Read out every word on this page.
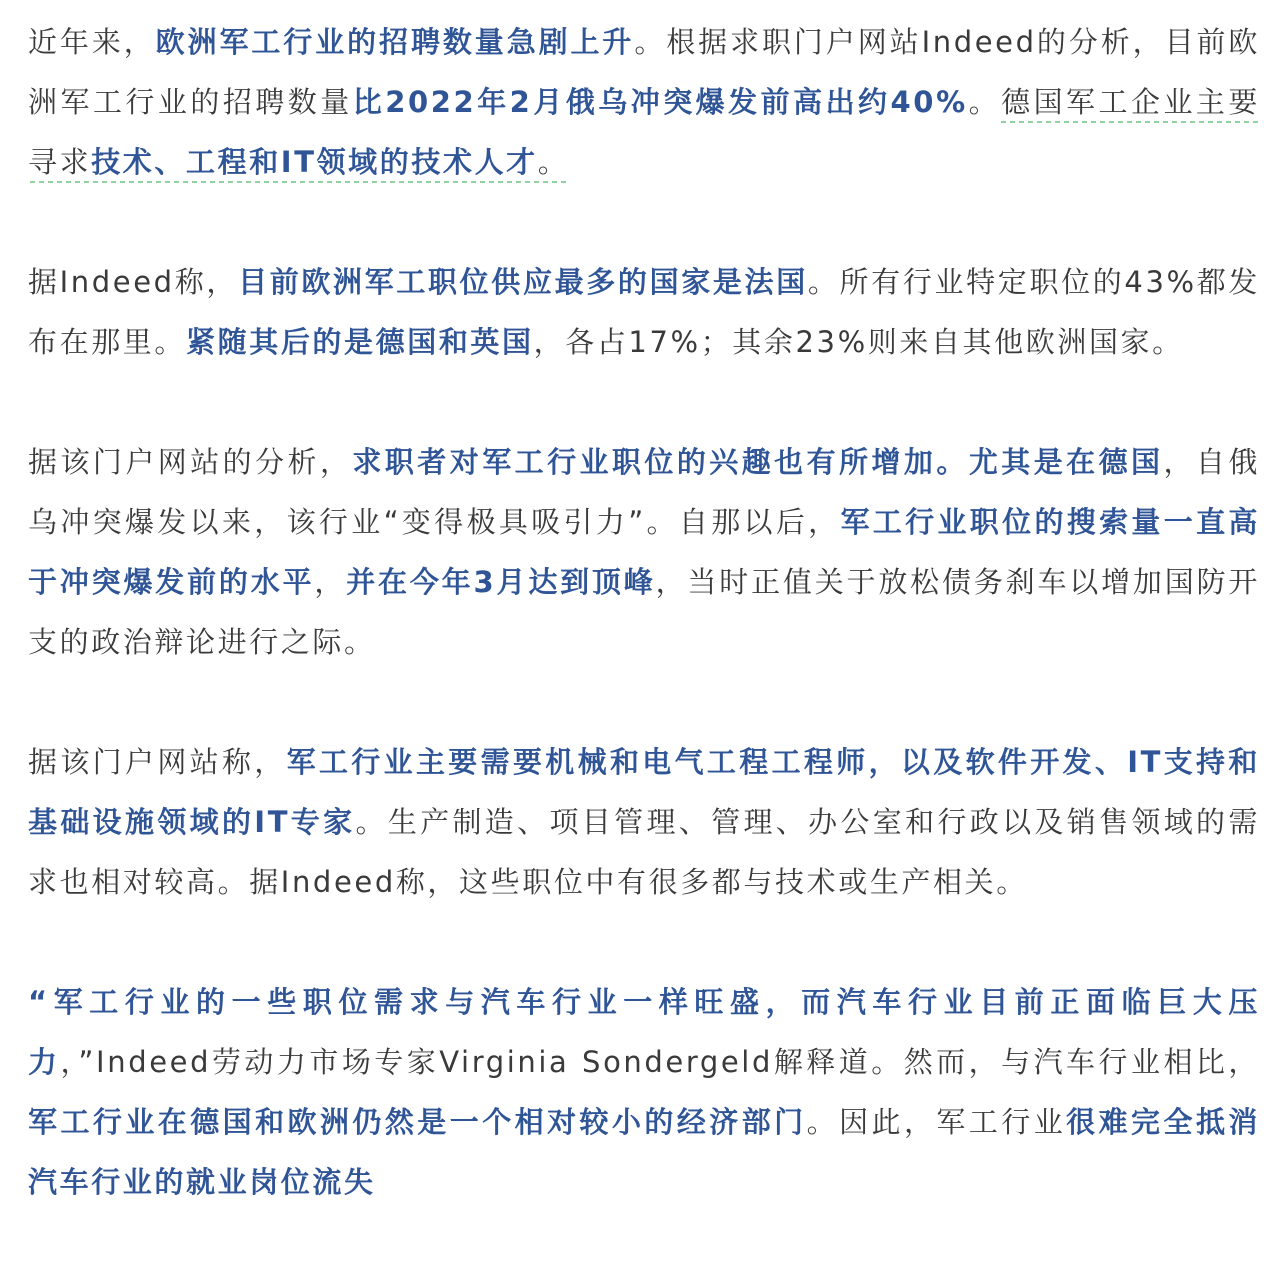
近年来，欧洲军工行业的招聘数量急剧上升。根据求职门户网站Indeed的分析，目前欧洲军工行业的招聘数量比2022年2月俄乌冲突爆发前高出约40%。德国军工企业主要寻求技术、工程和IT领域的技术人才。

据Indeed称，目前欧洲军工职位供应最多的国家是法国。所有行业特定职位的43%都发布在那里。紧随其后的是德国和英国，各占17%；其余23%则来自其他欧洲国家。

据该门户网站的分析，求职者对军工行业职位的兴趣也有所增加。尤其是在德国，自俄乌冲突爆发以来，该行业“变得极具吸引力”。自那以后，军工行业职位的搜索量一直高于冲突爆发前的水平，并在今年3月达到顶峰，当时正值关于放松债务刹车以增加国防开支的政治辩论进行之际。

据该门户网站称，军工行业主要需要机械和电气工程工程师，以及软件开发、IT支持和基础设施领域的IT专家。生产制造、项目管理、管理、办公室和行政以及销售领域的需求也相对较高。据Indeed称，这些职位中有很多都与技术或生产相关。

“军工行业的一些职位需求与汽车行业一样旺盛，而汽车行业目前正面临巨大压力，”Indeed劳动力市场专家Virginia Sondergeld解释道。然而，与汽车行业相比，军工行业在德国和欧洲仍然是一个相对较小的经济部门。因此，军工行业很难完全抵消汽车行业的就业岗位流失
